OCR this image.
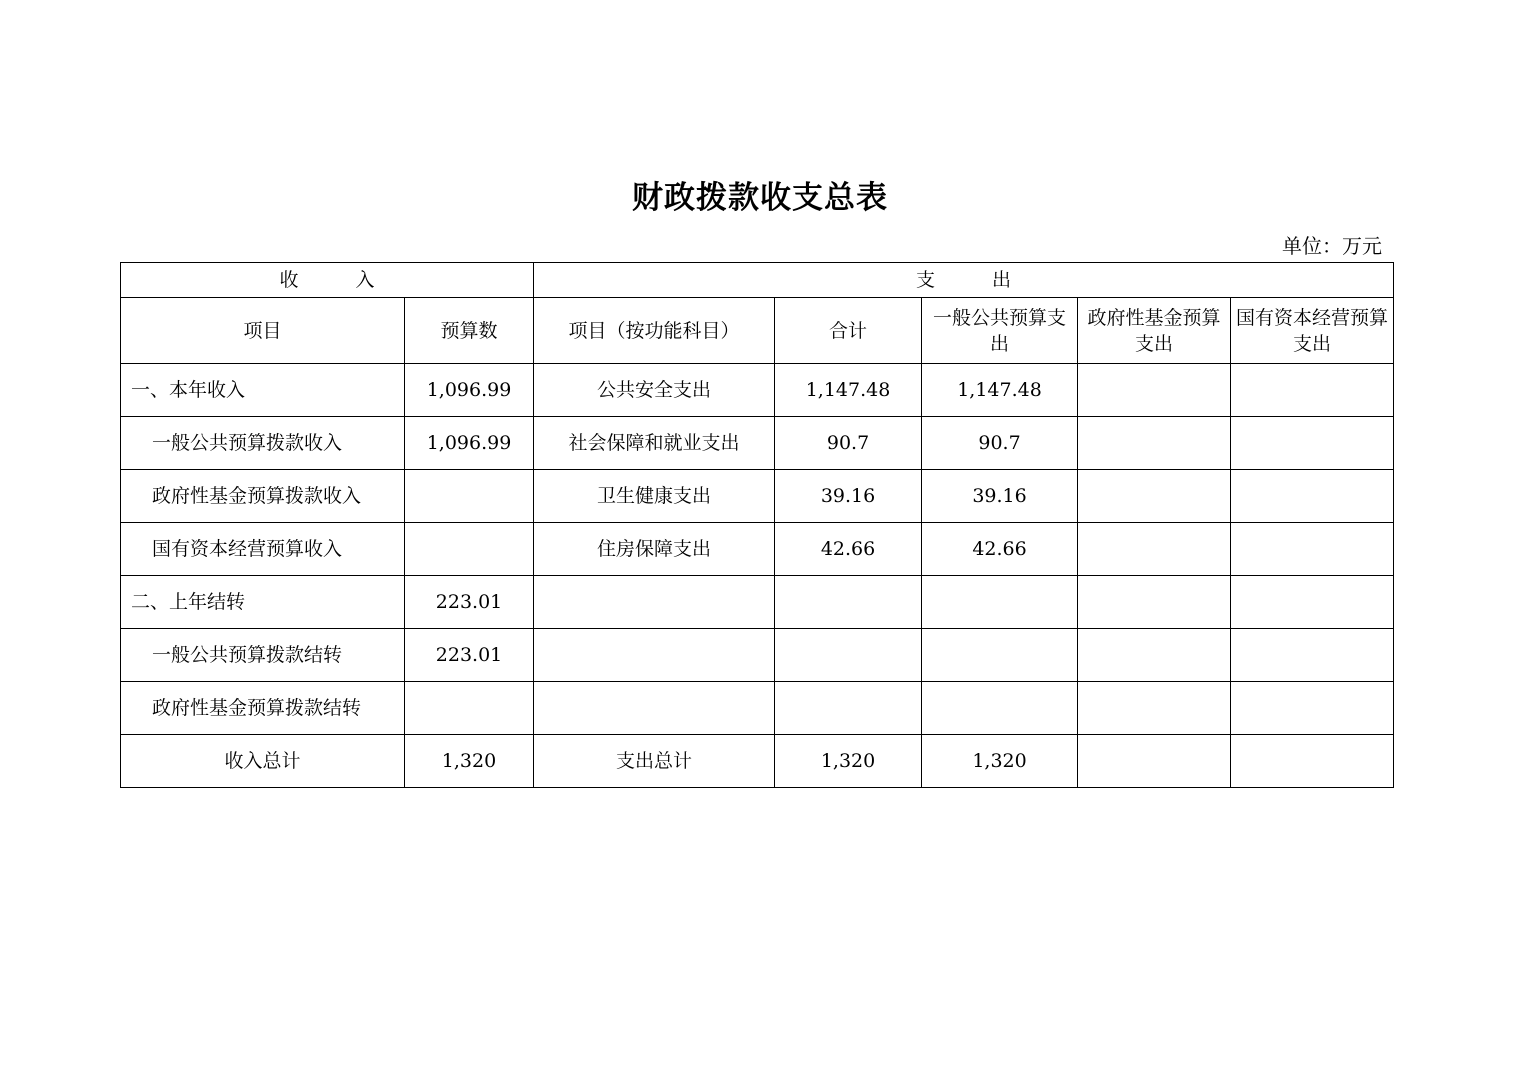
财政拨款收支总表
单位：万元
收　　　入		支　　　出				
项目	预算数	项目（按功能科目）	合计	一般公共预算支出	政府性基金预算支出	国有资本经营预算支出
一、本年收入	1,096.99	公共安全支出	1,147.48	1,147.48		
一般公共预算拨款收入	1,096.99	社会保障和就业支出	90.7	90.7		
政府性基金预算拨款收入		卫生健康支出	39.16	39.16		
国有资本经营预算收入		住房保障支出	42.66	42.66		
二、上年结转	223.01					
一般公共预算拨款结转	223.01					
政府性基金预算拨款结转						
收入总计	1,320	支出总计	1,320	1,320		
